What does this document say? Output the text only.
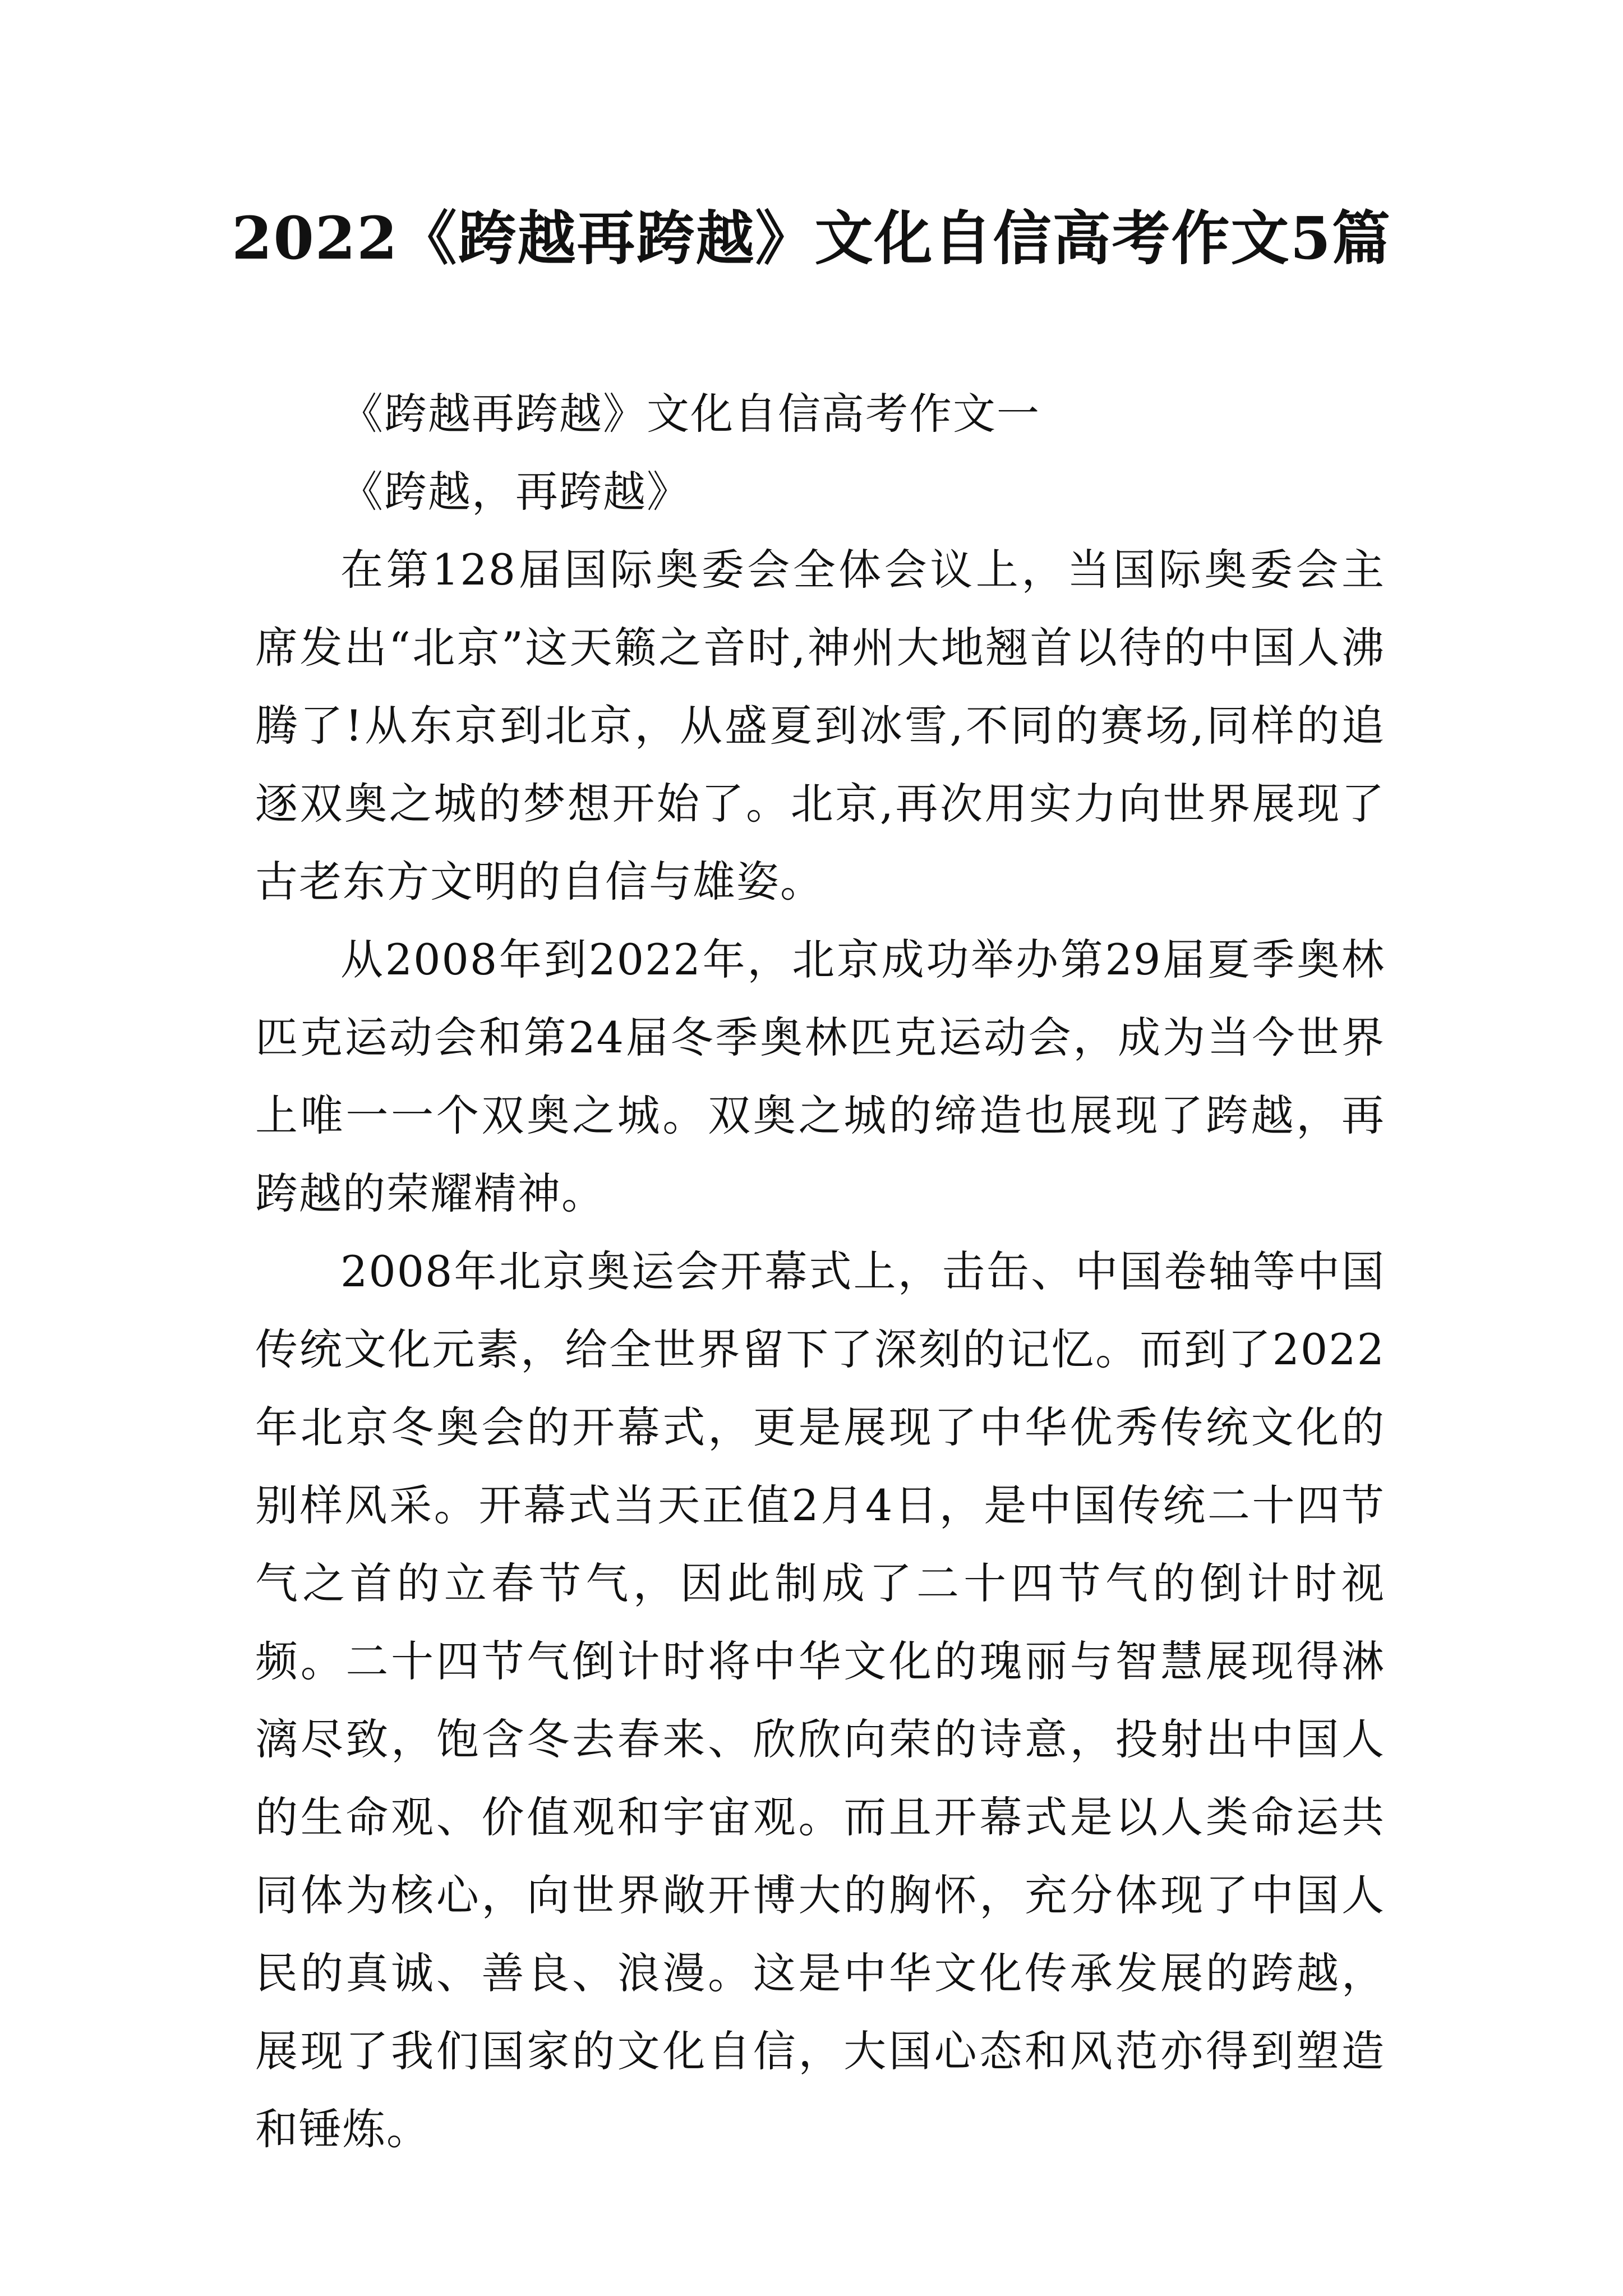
2022《跨越再跨越》文化自信高考作文5篇

《跨越再跨越》文化自信高考作文一

《跨越，再跨越》

在第128届国际奥委会全体会议上，当国际奥委会主席发出“北京”这天籁之音时,神州大地翘首以待的中国人沸腾了!从东京到北京，从盛夏到冰雪,不同的赛场,同样的追逐双奥之城的梦想开始了。北京,再次用实力向世界展现了古老东方文明的自信与雄姿。

从2008年到2022年，北京成功举办第29届夏季奥林匹克运动会和第24届冬季奥林匹克运动会，成为当今世界上唯一一个双奥之城。双奥之城的缔造也展现了跨越，再跨越的荣耀精神。

2008年北京奥运会开幕式上，击缶、中国卷轴等中国传统文化元素，给全世界留下了深刻的记忆。而到了2022年北京冬奥会的开幕式，更是展现了中华优秀传统文化的别样风采。开幕式当天正值2月4日，是中国传统二十四节气之首的立春节气，因此制成了二十四节气的倒计时视频。二十四节气倒计时将中华文化的瑰丽与智慧展现得淋漓尽致，饱含冬去春来、欣欣向荣的诗意，投射出中国人的生命观、价值观和宇宙观。而且开幕式是以人类命运共同体为核心，向世界敞开博大的胸怀，充分体现了中国人民的真诚、善良、浪漫。这是中华文化传承发展的跨越，展现了我们国家的文化自信，大国心态和风范亦得到塑造和锤炼。
